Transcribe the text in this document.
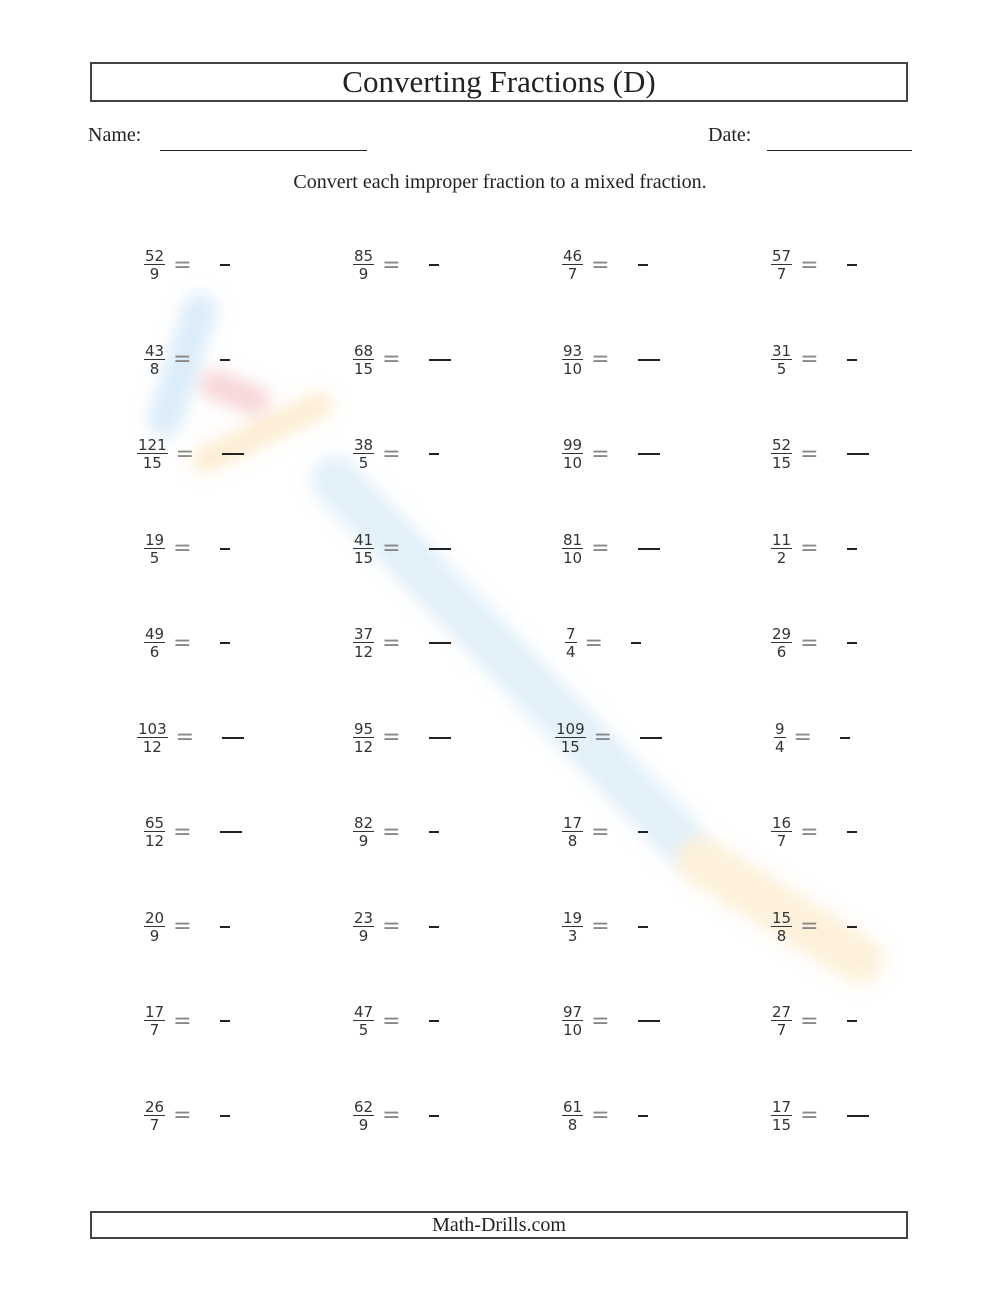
Converting Fractions (D)
Name:	Date:
Convert each improper fraction to a mixed fraction.
$\frac{52}{9}$ =	$\frac{85}{9}$ =	$\frac{46}{7}$ =	$\frac{57}{7}$ =
$\frac{43}{8}$ =	$\frac{68}{15}$ =	$\frac{93}{10}$ =	$\frac{31}{5}$ =
$\frac{121}{15}$ =	$\frac{38}{5}$ =	$\frac{99}{10}$ =	$\frac{52}{15}$ =
$\frac{19}{5}$ =	$\frac{41}{15}$ =	$\frac{81}{10}$ =	$\frac{11}{2}$ =
$\frac{49}{6}$ =	$\frac{37}{12}$ =	$\frac{7}{4}$ =	$\frac{29}{6}$ =
$\frac{103}{12}$ =	$\frac{95}{12}$ =	$\frac{109}{15}$ =	$\frac{9}{4}$ =
$\frac{65}{12}$ =	$\frac{82}{9}$ =	$\frac{17}{8}$ =	$\frac{16}{7}$ =
$\frac{20}{9}$ =	$\frac{23}{9}$ =	$\frac{19}{3}$ =	$\frac{15}{8}$ =
$\frac{17}{7}$ =	$\frac{47}{5}$ =	$\frac{97}{10}$ =	$\frac{27}{7}$ =
$\frac{26}{7}$ =	$\frac{62}{9}$ =	$\frac{61}{8}$ =	$\frac{17}{15}$ =
Math-Drills.com
